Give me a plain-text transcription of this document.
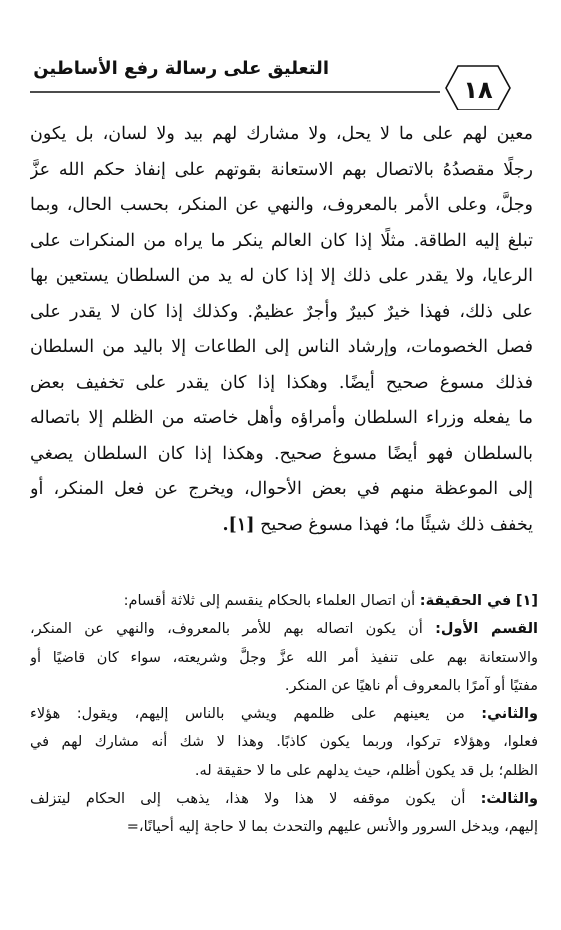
التعليق على رسالة رفع الأساطين
١٨
معين لهم على ما لا يحل، ولا مشارك لهم بيد ولا لسان، بل يكون
رجلًا مقصدُهُ بالاتصال بهم الاستعانة بقوتهم على إنفاذ حكم الله عزَّ
وجلَّ، وعلى الأمر بالمعروف، والنهي عن المنكر، بحسب الحال، وبما
تبلغ إليه الطاقة. مثلًا إذا كان العالم ينكر ما يراه من المنكرات على
الرعايا، ولا يقدر على ذلك إلا إذا كان له يد من السلطان يستعين بها
على ذلك، فهذا خيرٌ كبيرٌ وأجرٌ عظيمٌ. وكذلك إذا كان لا يقدر على
فصل الخصومات، وإرشاد الناس إلى الطاعات إلا باليد من السلطان
فذلك مسوغ صحيح أيضًا. وهكذا إذا كان يقدر على تخفيف بعض
ما يفعله وزراء السلطان وأمراؤه وأهل خاصته من الظلم إلا باتصاله
بالسلطان فهو أيضًا مسوغ صحيح. وهكذا إذا كان السلطان يصغي
إلى الموعظة منهم في بعض الأحوال، ويخرج عن فعل المنكر، أو
يخفف ذلك شيئًا ما؛ فهذا مسوغ صحيح [١].
[١] في الحقيقة: أن اتصال العلماء بالحكام ينقسم إلى ثلاثة أقسام:
القسم الأول: أن يكون اتصاله بهم للأمر بالمعروف، والنهي عن المنكر،
والاستعانة بهم على تنفيذ أمر الله عزَّ وجلَّ وشريعته، سواء كان قاضيًا أو
مفتيًا أو آمرًا بالمعروف أم ناهيًا عن المنكر.
والثاني: من يعينهم على ظلمهم ويشي بالناس إليهم، ويقول: هؤلاء
فعلوا، وهؤلاء تركوا، وربما يكون كاذبًا. وهذا لا شك أنه مشارك لهم في
الظلم؛ بل قد يكون أظلم، حيث يدلهم على ما لا حقيقة له.
والثالث: أن يكون موقفه لا هذا ولا هذا، يذهب إلى الحكام ليتزلف
إليهم، ويدخل السرور والأنس عليهم والتحدث بما لا حاجة إليه أحيانًا،=
